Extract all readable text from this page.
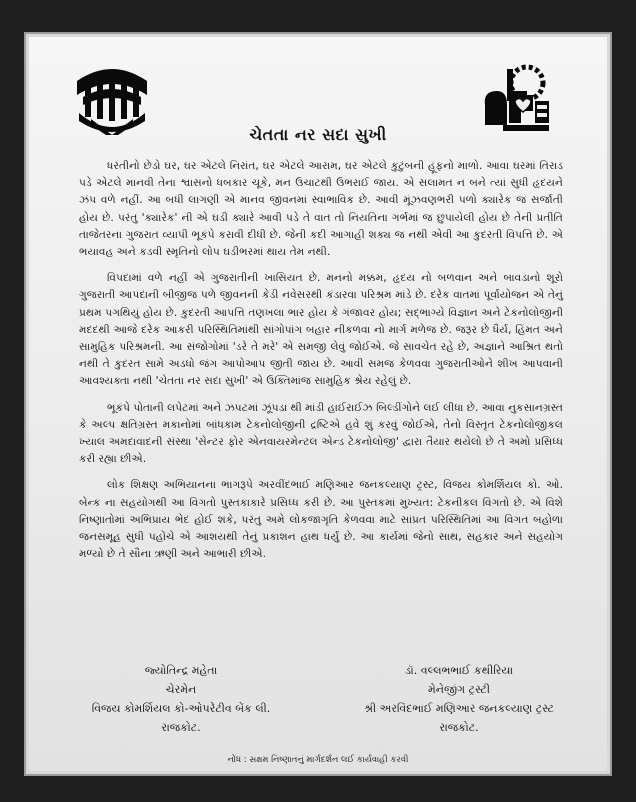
ચેતતા નર સદા સુખી

ધરતીનો છેડો ઘર, ઘર એટલે નિરાંત, ઘર એટલે આરામ, ઘર એટલે કુટુંબની હૂંફનો માળો. આવા ઘરમાં તિરાડ પડે એટલે માનવી તેના શ્વાસનો ધબકાર ચૂકે, મન ઉચાટથી ઉભરાઈ જાય. એ સલામત ન બને ત્યાં સુધી હૃદયને ઝંપ વળે નહીં. આ બધી લાગણી એ માનવ જીવનમાં સ્વાભાવિક છે. આવી મૂંઝવણભરી પળો ક્યારેક જ સર્જાતી હોય છે. પરંતુ 'ક્યારેક' ની એ ઘડી ક્યારે આવી પડે તે વાત તો નિયતિના ગર્ભમાં જ છુપાયેલી હોય છે તેની પ્રતીતિ તાજેતરના ગુજરાત વ્યાપી ભૂકંપે કરાવી દીધી છે. જેની કદી આગાહી શક્ય જ નથી એવી આ કુદરતી વિપત્તિ છે. એ ભયાવહ અને કડવી સ્મૃતિનો લોપ ઘડીભરમાં થાય તેમ નથી.

વિપદામાં વળે નહીં એ ગુજરાતીની ખાસિયત છે. મનનો મક્કમ, હૃદય નો બળવાન અને બાવડાનો શૂરો ગુજરાતી આપદાની બીજીજ પળે જીવનની કેડી નવેસરથી કંડારવા પરિશ્રમ માંડે છે. દરેક વાતમાં પૂર્વાયોજન એ તેનું પ્રથમ પગથિયું હોય છે. કુદરતી આપત્તિ તણખલા ભાર હોય કે ગંજાવર હોય; સદ્‌ભાગ્યે વિજ્ઞાન અને ટેકનોલોજીની મદદથી આજે દરેક આકરી પરિસ્થિતિમાંથી સાંગોપાંગ બહાર નીકળવા નો માર્ગ મળેજ છે. જરૂર છે ધૈર્ય, હિંમત અને સામુહિક પરિશ્રમની. આ સંજોગોમાં 'ડરે તે મરે' એ સમજી લેવું જોઈએ. જે સાવચેત રહે છે, અજ્ઞાને આશ્રિત થતો નથી તે કુદરત સામે અડધો જંગ આપોઆપ જીતી જાય છે. આવી સમજ કેળવવા ગુજરાતીઓને શીખ આપવાની આવશ્યક્તા નથી 'ચેતતા નર સદા સુખી' એ ઉક્તિમાંજ સામુહિક શ્રેય રહેલું છે.

ભૂકંપે પોતાની લપેટમાં અને ઝપટમાં ઝૂંપડા થી માંડી હાઈરાઈઝ બિલ્ડીંગોને લઈ લીધા છે. આવા નુકસાનગ્રસ્ત કે અલ્પ ક્ષતિગ્રસ્ત મકાનોમાં બાંધકામ ટેકનોલોજીની દ્રષ્ટિએ હવે શું કરવું જોઈએ, તેનો વિસ્તૃત ટેકનોલોજીકલ ખ્યાલ અમદાવાદની સંસ્થા 'સેન્ટર ફોર એનવાયરમેન્ટલ એન્ડ ટેકનોલોજી' દ્વારા તૈયાર થયેલો છે તે અમો પ્રસિધ્ધ કરી રહ્યા છીએ.

લોક શિક્ષણ અભિયાનના ભાગરૂપે અરવીંદભાઈ મણિઆર જનકલ્યાણ ટ્રસ્ટ, વિજય કોમર્શિયલ કો. ઓ. બેન્ક ના સહયોગથી આ વિગતો પુસ્તકાકારે પ્રસિધ્ધ કરી છે. આ પુસ્તકમાં મુખ્યત: ટેકનીકલ વિગતો છે. એ વિશે નિષ્ણાતોમાં અભિપ્રાય ભેદ હોઈ શકે, પરંતુ અમે લોકજાગૃતિ કેળવવા માટે સાંપ્રત પરિસ્થિતિમાં આ વિગત બહોળા જનસમૂહ સુધી પહોંચે એ આશયથી તેનું પ્રકાશન હાથ ધર્યું છે. આ કાર્યમાં જેનો સાથ, સહકાર અને સહયોગ મળ્યો છે તે સૌના ઋણી અને આભારી છીએ.

જ્યોતિન્દ્ર મહેતા
ચેરમેન
વિજય કોમર્શિયલ કો-ઓપરેટીવ બેંક લી.
રાજકોટ.
ડૉ. વલ્લભભાઈ કથીરિયા
મેનેજીંગ ટ્રસ્ટી
શ્રી અરવિંદભાઈ મણિઆર જનકલ્યાણ ટ્રસ્ટ
રાજકોટ.
નોંધ : સક્ષમ નિષ્ણાતનું માર્ગદર્શન લઈ કાર્યવાહી કરવી
